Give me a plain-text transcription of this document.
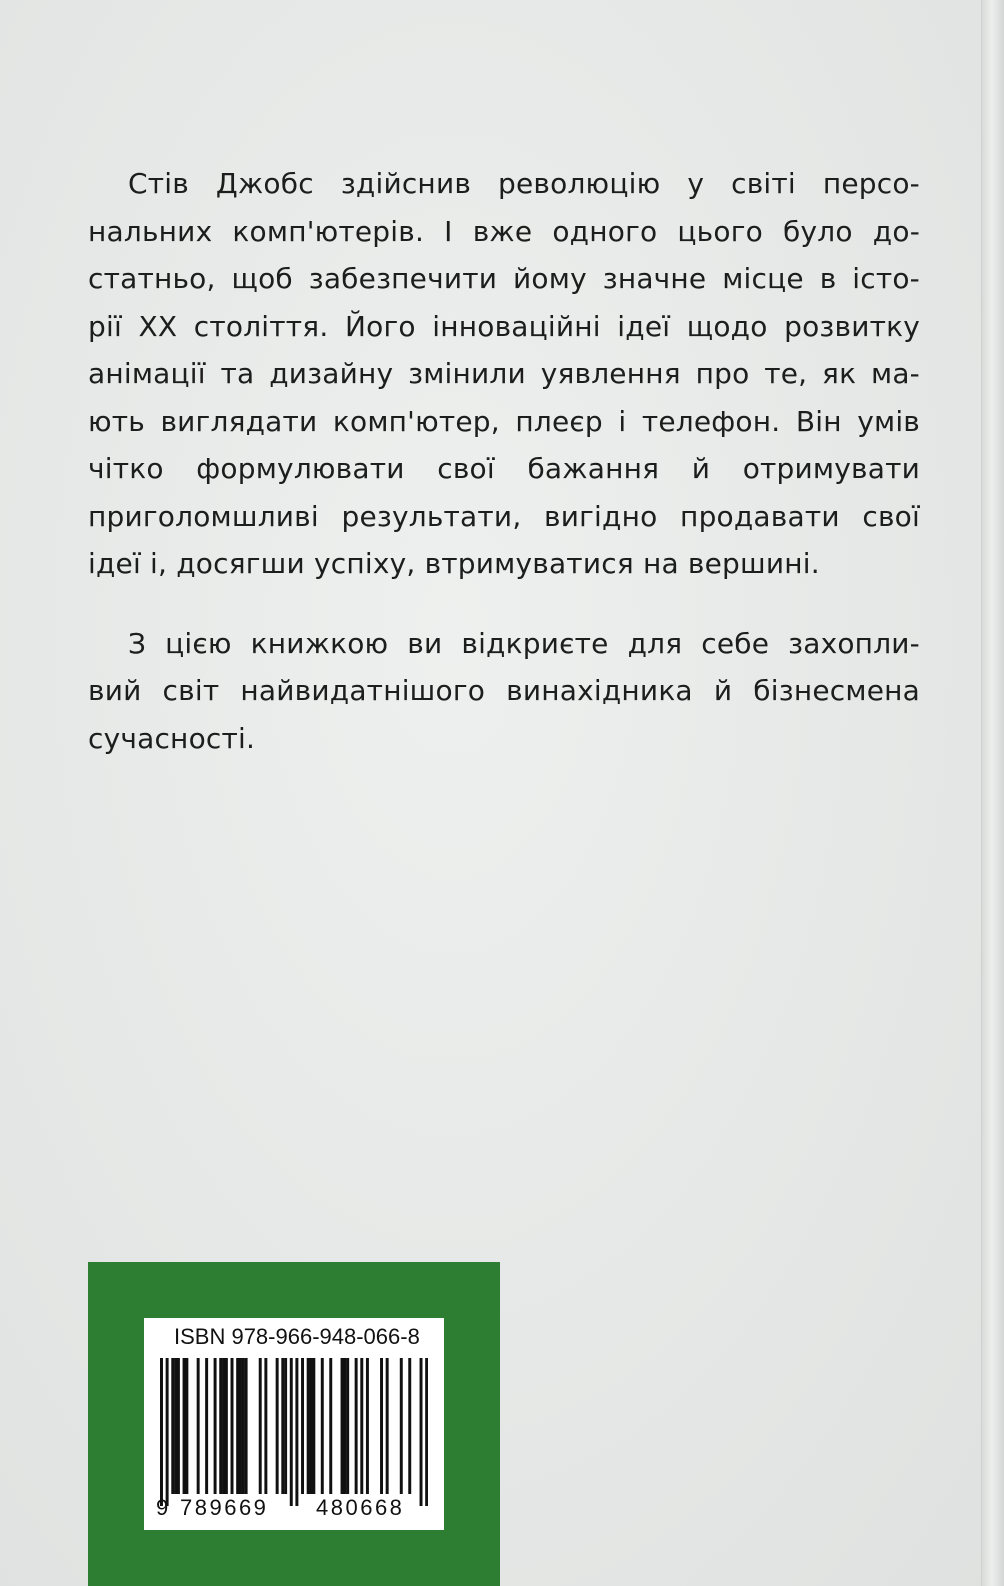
Стів Джобс здійснив революцію у світі персо-
нальних комп'ютерів. І вже одного цього було до-
статньо, щоб забезпечити йому значне місце в істо-
рії XX століття. Його інноваційні ідеї щодо розвитку
анімації та дизайну змінили уявлення про те, як ма-
ють виглядати комп'ютер, плеєр і телефон. Він умів
чітко формулювати свої бажання й отримувати
приголомшливі результати, вигідно продавати свої
ідеї і, досягши успіху, втримуватися на вершині.

З цією книжкою ви відкриєте для себе захопли-
вий світ найвидатнішого винахідника й бізнесмена
сучасності.

ISBN 978-966-948-066-8
9 789669 480668
